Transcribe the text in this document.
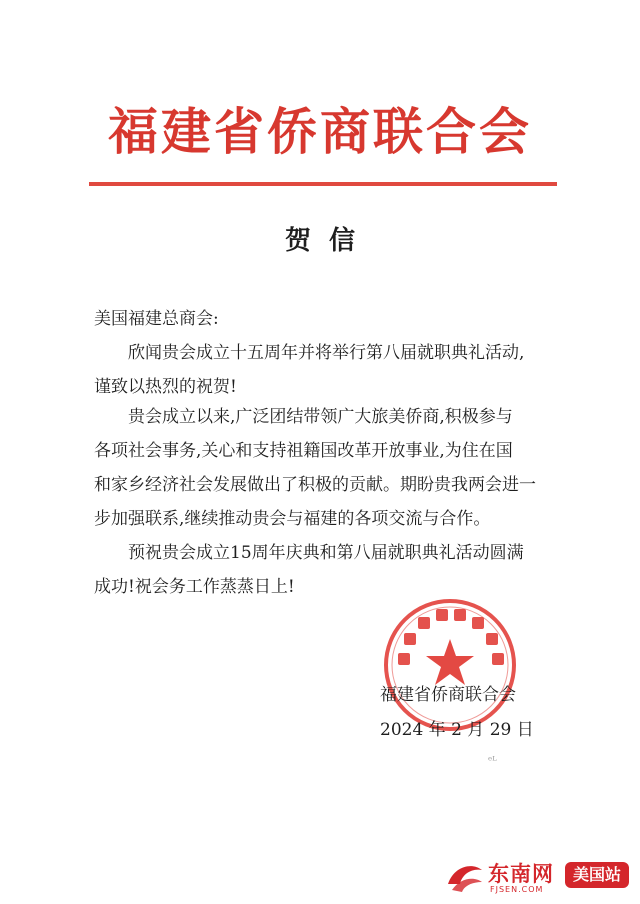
福建省侨商联合会
贺信
美国福建总商会:
欣闻贵会成立十五周年并将举行第八届就职典礼活动,
谨致以热烈的祝贺!
贵会成立以来,广泛团结带领广大旅美侨商,积极参与
各项社会事务,关心和支持祖籍国改革开放事业,为住在国
和家乡经济社会发展做出了积极的贡献。期盼贵我两会进一
步加强联系,继续推动贵会与福建的各项交流与合作。
预祝贵会成立15周年庆典和第八届就职典礼活动圆满
成功!祝会务工作蒸蒸日上!
福建省侨商联合会
2024 年 2 月 29 日
ᵉᴸ
东南网
FJSEN.COM
美国站
